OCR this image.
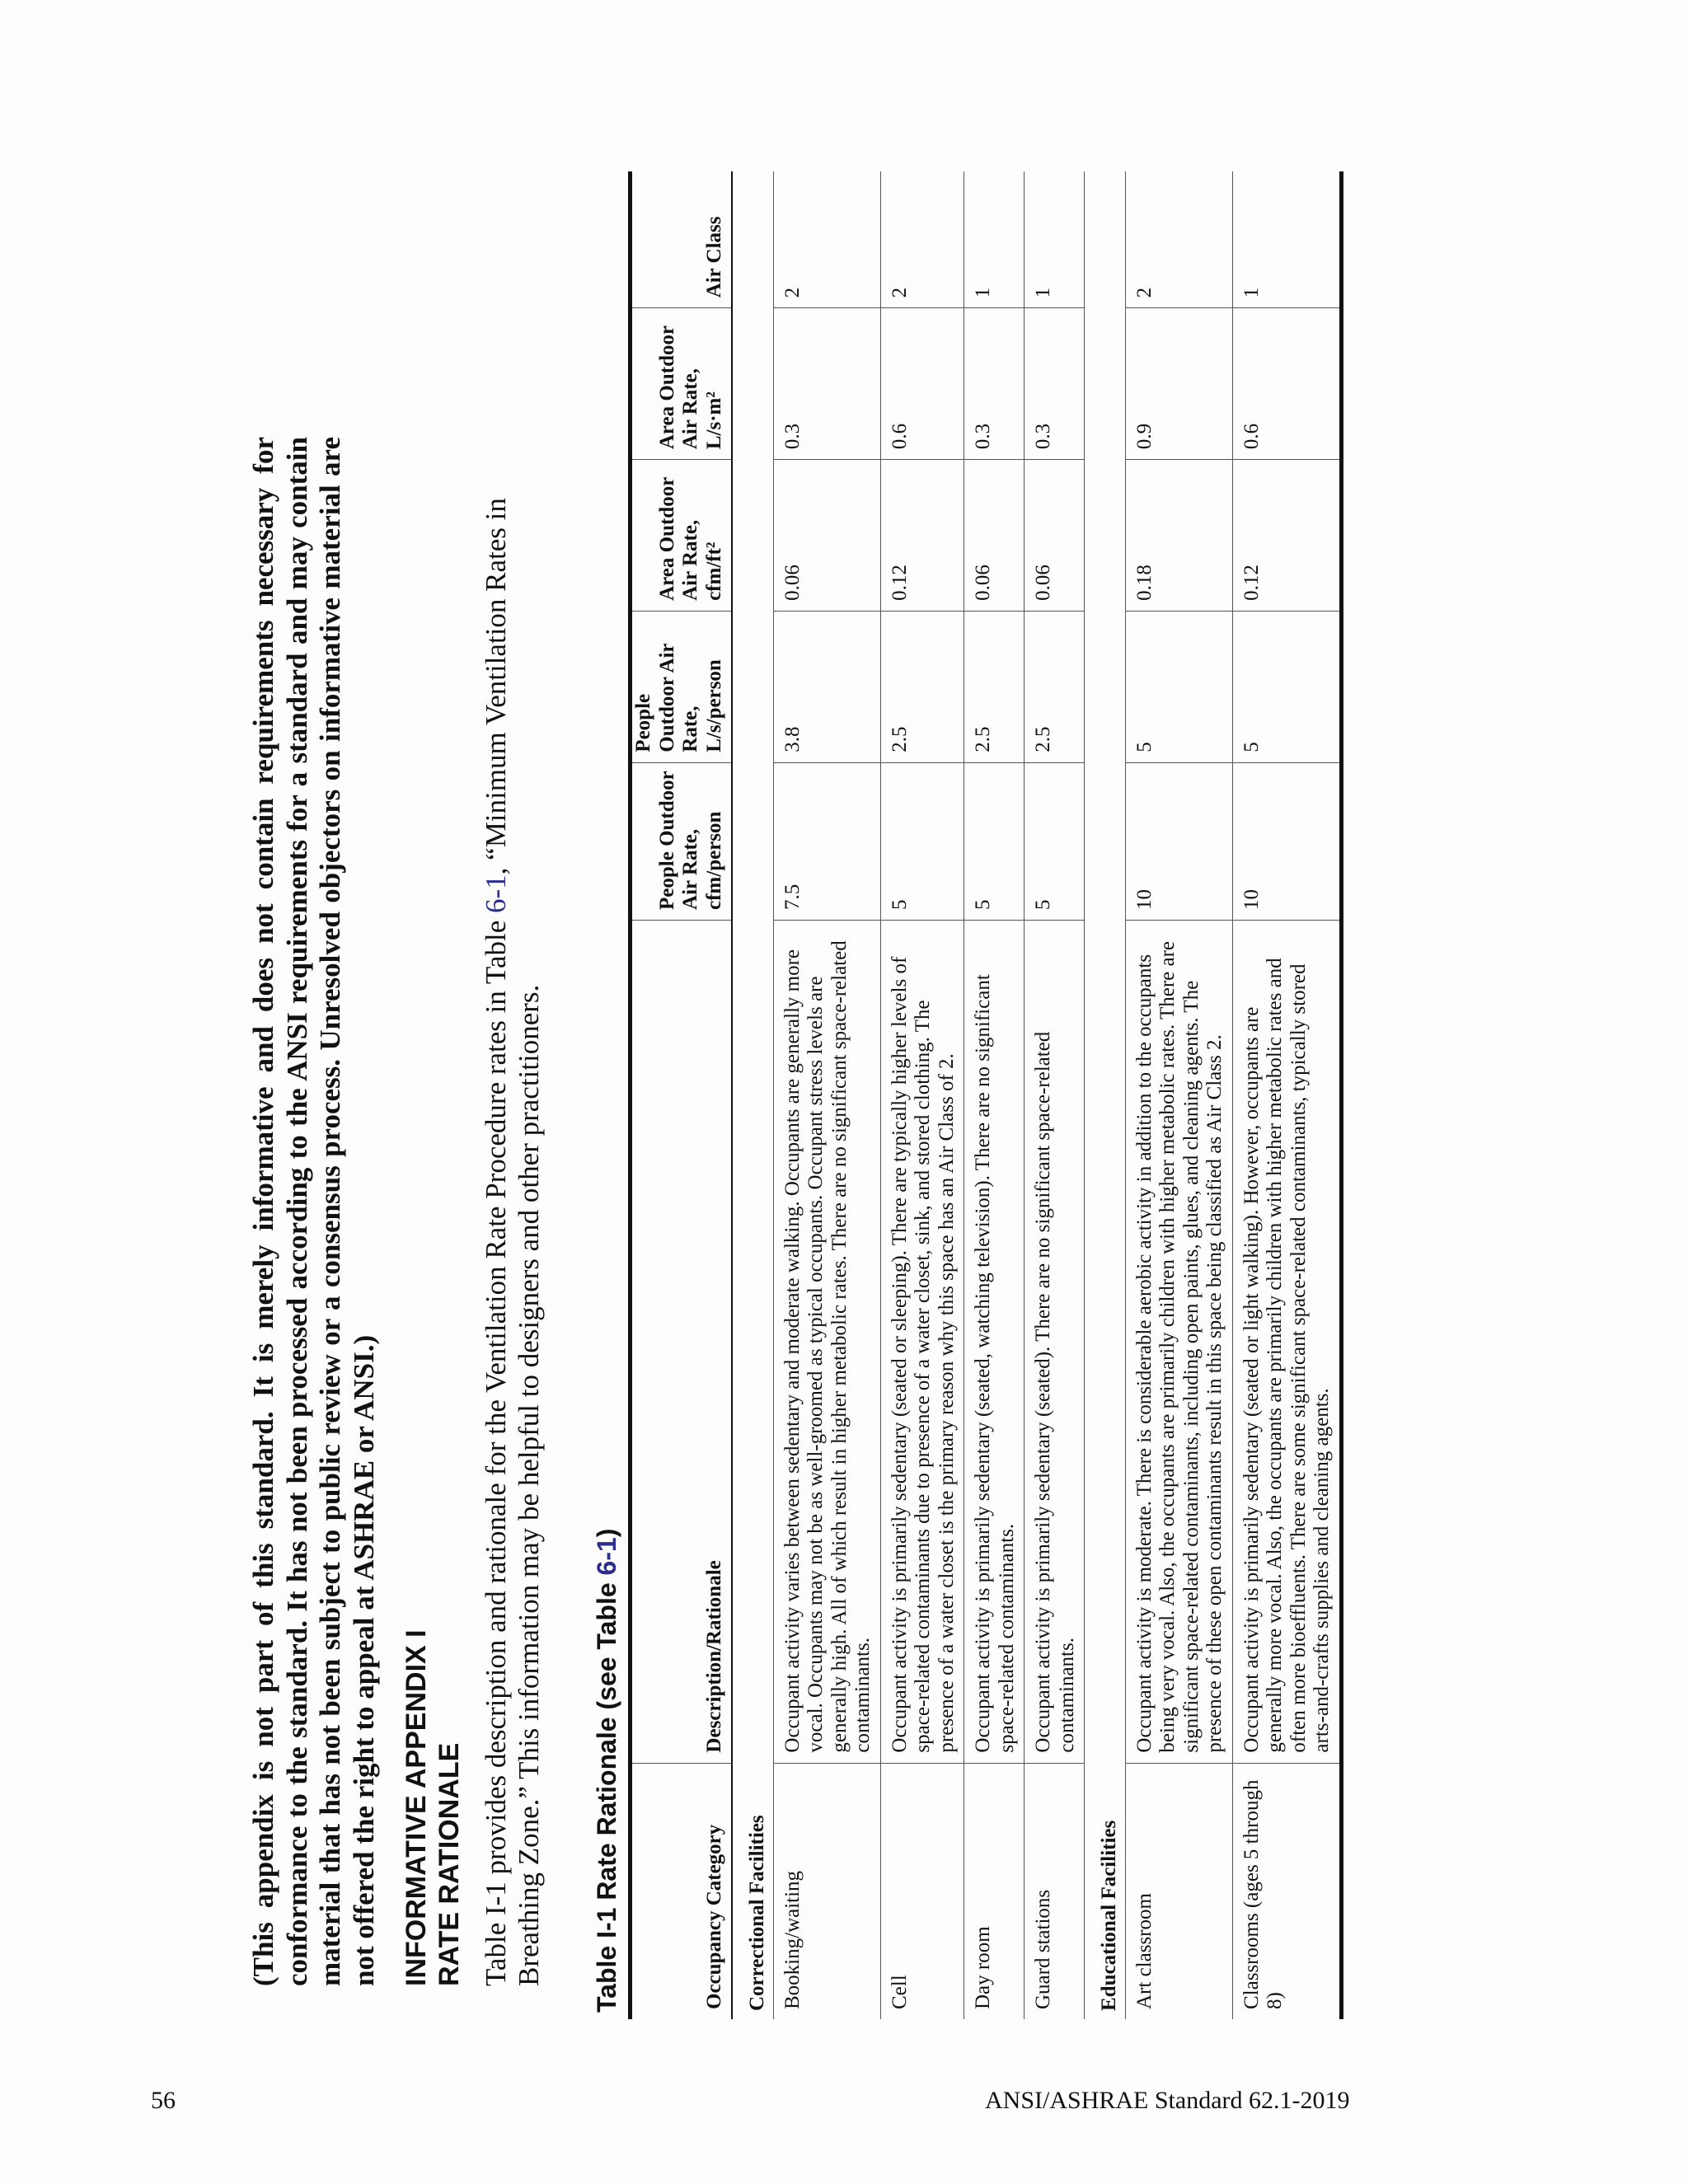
(This appendix is not part of this standard. It is merely informative and does not contain requirements necessary for conformance to the standard. It has not been processed according to the ANSI requirements for a standard and may contain material that has not been subject to public review or a consensus process. Unresolved objectors on informative material are not offered the right to appeal at ASHRAE or ANSI.) INFORMATIVE APPENDIX I RATE RATIONALE Table I-1 provides description and rationale for the Ventilation Rate Procedure rates in Table 6-1, “Minimum Ventilation Rates in Breathing Zone.” This information may be helpful to designers and other practitioners. Table I-1 Rate Rationale (see Table 6-1)
Occupancy Category	Description/Rationale	People Outdoor Air Rate, cfm/person	People Outdoor Air Rate, L/s/person	Area Outdoor Air Rate, cfm/ft²	Area Outdoor Air Rate, L/s·m²	Air Class

Correctional Facilities						
Booking/waiting	Occupant activity varies between sedentary and moderate walking. Occupants are generally more vocal. Occupants may not be as well-groomed as typical occupants. Occupant stress levels are generally high. All of which result in higher metabolic rates. There are no significant space-related contaminants.	7.5	3.8	0.06	0.3	2
Cell	Occupant activity is primarily sedentary (seated or sleeping). There are typically higher levels of space-related contaminants due to presence of a water closet, sink, and stored clothing. The presence of a water closet is the primary reason why this space has an Air Class of 2.	5	2.5	0.12	0.6	2
Day room	Occupant activity is primarily sedentary (seated, watching television). There are no significant space-related contaminants.	5	2.5	0.06	0.3	1
Guard stations	Occupant activity is primarily sedentary (seated). There are no significant space-related contaminants.	5	2.5	0.06	0.3	1

Educational Facilities						
Art classroom	Occupant activity is moderate. There is considerable aerobic activity in addition to the occupants being very vocal. Also, the occupants are primarily children with higher metabolic rates. There are significant space-related contaminants, including open paints, glues, and cleaning agents. The presence of these open contaminants result in this space being classified as Air Class 2.	10	5	0.18	0.9	2
Classrooms (ages 5 through 8)	Occupant activity is primarily sedentary (seated or light walking). However, occupants are generally more vocal. Also, the occupants are primarily children with higher metabolic rates and often more bioeffluents. There are some significant space-related contaminants, typically stored arts-and-crafts supplies and cleaning agents.	10	5	0.12	0.6	1
56	ANSI/ASHRAE Standard 62.1-2019
